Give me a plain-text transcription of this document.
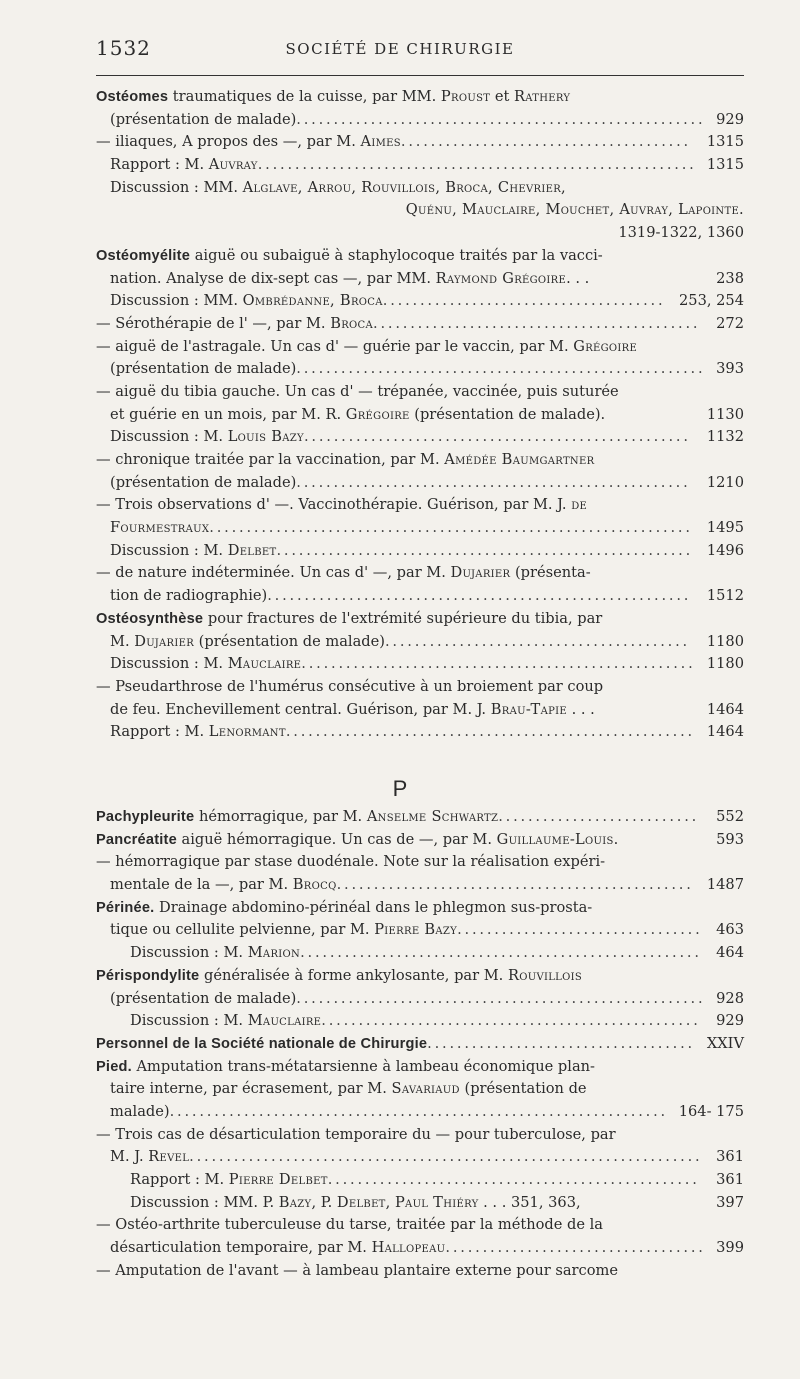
1532	SOCIÉTÉ DE CHIRURGIE
Ostéomes traumatiques de la cuisse, par MM. Proust et Rathery
(présentation de malade)....................................................... 929
— iliaques, A propos des —, par M. Aimes....................................... 1315
Rapport : M. Auvray........................................................... 1315
Discussion : MM. Alglave, Arrou, Rouvillois, Broca, Chevrier,
Quénu, Mauclaire, Mouchet, Auvray, Lapointe.
1319-1322, 1360
Ostéomyélite aiguë ou subaiguë à staphylocoque traités par la vacci-
nation. Analyse de dix-sept cas —, par MM. Raymond Grégoire. . .	238
Discussion : MM. Ombrédanne, Broca...................................... 253, 254
— Sérothérapie de l' —, par M. Broca............................................ 272
— aiguë de l'astragale. Un cas d' — guérie par le vaccin, par M. Grégoire
(présentation de malade)....................................................... 393
— aiguë du tibia gauche. Un cas d' — trépanée, vaccinée, puis suturée
et guérie en un mois, par M. R. Grégoire (présentation de malade).	1130
Discussion : M. Louis Bazy.................................................... 1132
— chronique traitée par la vaccination, par M. Amédée Baumgartner
(présentation de malade)..................................................... 1210
— Trois observations d' —. Vaccinothérapie. Guérison, par M. J. de
Fourmestraux................................................................. 1495
Discussion : M. Delbet........................................................ 1496
— de nature indéterminée. Un cas d' —, par M. Dujarier (présenta-
tion de radiographie)......................................................... 1512
Ostéosynthèse pour fractures de l'extrémité supérieure du tibia, par
M. Dujarier (présentation de malade)......................................... 1180
Discussion : M. Mauclaire..................................................... 1180
— Pseudarthrose de l'humérus consécutive à un broiement par coup
de feu. Enchevillement central. Guérison, par M. J. Brau-Tapie . . .	1464
Rapport : M. Lenormant....................................................... 1464
P
Pachypleurite hémorragique, par M. Anselme Schwartz........................... 552
Pancréatite aiguë hémorragique. Un cas de —, par M. Guillaume-Louis.	593
— hémorragique par stase duodénale. Note sur la réalisation expéri-
mentale de la —, par M. Brocq................................................ 1487
Périnée. Drainage abdomino-périnéal dans le phlegmon sus-prosta-
tique ou cellulite pelvienne, par M. Pierre Bazy................................. 463
Discussion : M. Marion...................................................... 464
Périspondylite généralisée à forme ankylosante, par M. Rouvillois
(présentation de malade)....................................................... 928
Discussion : M. Mauclaire................................................... 929
Personnel de la Société nationale de Chirurgie.................................... XXIV
Pied. Amputation trans-métatarsienne à lambeau économique plan-
taire interne, par écrasement, par M. Savariaud (présentation de
malade)................................................................... 164- 175
— Trois cas de désarticulation temporaire du — pour tuberculose, par
M. J. Revel..................................................................... 361
Rapport : M. Pierre Delbet.................................................. 361
Discussion : MM. P. Bazy, P. Delbet, Paul Thiéry . . . 351, 363,	397
— Ostéo-arthrite tuberculeuse du tarse, traitée par la méthode de la
désarticulation temporaire, par M. Hallopeau................................... 399
— Amputation de l'avant — à lambeau plantaire externe pour sarcome
